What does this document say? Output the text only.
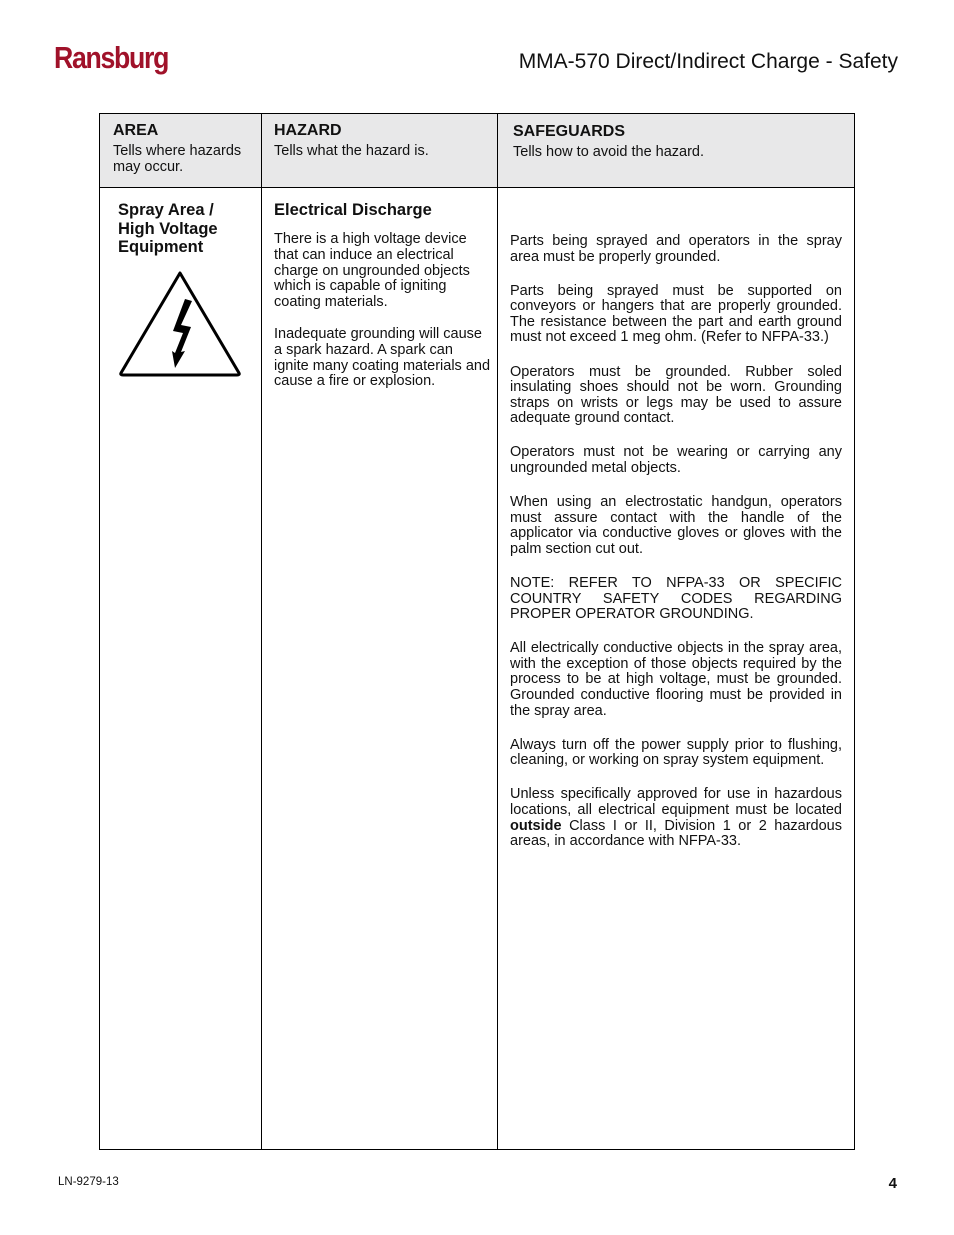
Ransburg	MMA-570 Direct/Indirect Charge - Safety
AREA
Tells where hazards may occur.
HAZARD
Tells what the hazard is.
SAFEGUARDS
Tells how to avoid the hazard.
Spray Area / High Voltage Equipment
Electrical Discharge

There is a high voltage device that can induce an electrical charge on ungrounded objects which is capable of igniting coating materials.

Inadequate grounding will cause a spark hazard. A spark can ignite many coating materials and cause a fire or explosion.

Parts being sprayed and operators in the spray area must be properly grounded.

Parts being sprayed must be supported on conveyors or hangers that are properly grounded. The resistance between the part and earth ground must not exceed 1 meg ohm. (Refer to NFPA-33.)

Operators must be grounded. Rubber soled insulating shoes should not be worn. Grounding straps on wrists or legs may be used to assure adequate ground contact.

Operators must not be wearing or carrying any ungrounded metal objects.

When using an electrostatic handgun, operators must assure contact with the handle of the applicator via conductive gloves or gloves with the palm section cut out.

NOTE: REFER TO NFPA-33 OR SPECIFIC COUNTRY SAFETY CODES REGARDING PROPER OPERATOR GROUNDING.

All electrically conductive objects in the spray area, with the exception of those objects required by the process to be at high voltage, must be grounded. Grounded conductive flooring must be provided in the spray area.

Always turn off the power supply prior to flushing, cleaning, or working on spray system equipment.

Unless specifically approved for use in hazardous locations, all electrical equipment must be located outside Class I or II, Division 1 or 2 hazardous areas, in accordance with NFPA-33.

LN-9279-13	4
